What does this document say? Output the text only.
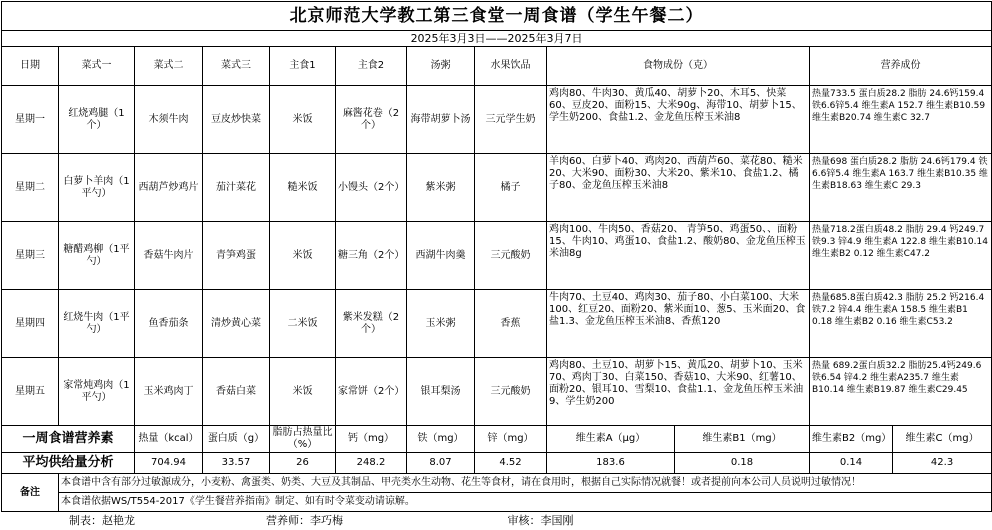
北京师范大学教工第三食堂一周食谱（学生午餐二）											
2025年3月3日——2025年3月7日											
日期	菜式一	菜式二	菜式三	主食1	主食2	汤粥	水果饮品	食物成份（克）		营养成份	
星期一	红烧鸡腿（1个）	木须牛肉	豆皮炒快菜	米饭	麻酱花卷（2个）	海带胡萝卜汤	三元学生奶	鸡肉80、牛肉30、黄瓜40、胡萝卜20、木耳5、快菜60、豆皮20、面粉15、大米90g、海带10、胡萝卜15、学生奶200、食盐1.2、金龙鱼压榨玉米油8		热量733.5 蛋白质28.2 脂肪 24.6钙159.4 铁6.6锌5.4 维生素A 152.7 维生素B10.59 维生素B20.74 维生素C 32.7	
星期二	白萝卜羊肉（1平勺）	西葫芦炒鸡片	茄汁菜花	糙米饭	小馒头（2个）	紫米粥	橘子	羊肉60、白萝卜40、鸡肉20、西葫芦60、菜花80、糙米20、大米90、面粉30、大米20、紫米10、食盐1.2、橘子80、金龙鱼压榨玉米油8		热量698 蛋白质28.2 脂肪 24.6钙179.4 铁6.6锌5.4 维生素A 163.7 维生素B10.35 维生素B18.63 维生素C 29.3	
星期三	糖醋鸡柳（1平勺）	香菇牛肉片	青笋鸡蛋	米饭	糖三角（2个）	西湖牛肉羹	三元酸奶	鸡肉100、牛肉50、香菇20、 青笋50、鸡蛋50、、面粉15、牛肉10、鸡蛋10、食盐1.2、酸奶80、金龙鱼压榨玉米油8g		热量718.2蛋白质48.2 脂肪 29.4 钙249.7 铁9.3 锌4.9 维生素A 122.8 维生素B10.14 维生素B2 0.12 维生素C47.2	
星期四	红烧牛肉（1平勺）	鱼香茄条	清炒黄心菜	二米饭	紫米发糕（2个）	玉米粥	香蕉	牛肉70、土豆40、鸡肉30、茄子80、小白菜100、大米100、红豆20、面粉20、紫米面10、葱5、玉米面20、食盐1.3、金龙鱼压榨玉米油8、香蕉120		热量685.8蛋白质42.3 脂肪 25.2 钙216.4 铁7.2 锌4.4 维生素A 158.5 维生素B1 0.18 维生素B2 0.16 维生素C53.2	
星期五	家常炖鸡肉（1平勺）	玉米鸡肉丁	香菇白菜	米饭	家常饼（2个）	银耳梨汤	三元酸奶	鸡肉80、土豆10、胡萝卜15、黄瓜20、胡萝卜10、玉米70、鸡肉丁30、白菜150、香菇10、大米90、红薯10、面粉20、银耳10、雪梨10、食盐1.1、金龙鱼压榨玉米油9、学生奶200		热量 689.2蛋白质32.2 脂肪25.4钙249.6 铁6.54 锌4.2 维生素A235.7 维生素B10.14 维生素B19.87 维生素C29.45	
一周食谱营养素		热量（kcal）	蛋白质（g）	脂肪占热量比（%）	钙（mg）	铁（mg）	锌（mg）	维生素A（μg）	维生素B1（mg）	维生素B2（mg）	维生素C（mg）
平均供给量分析		704.94	33.57	26	248.2	8.07	4.52	183.6	0.18	0.14	42.3
备注	本食谱中含有部分过敏源成分，小麦粉、禽蛋类、奶类、大豆及其制品、甲壳类水生动物、花生等食材，请在食用时，根据自己实际情况就餐！或者提前向本公司人员说明过敏情况！										
	本食谱依据WS/T554-2017《学生餐营养指南》制定、如有时令菜变动请谅解。										
制表：赵艳龙			营养师：李巧梅			审核：李国刚					
